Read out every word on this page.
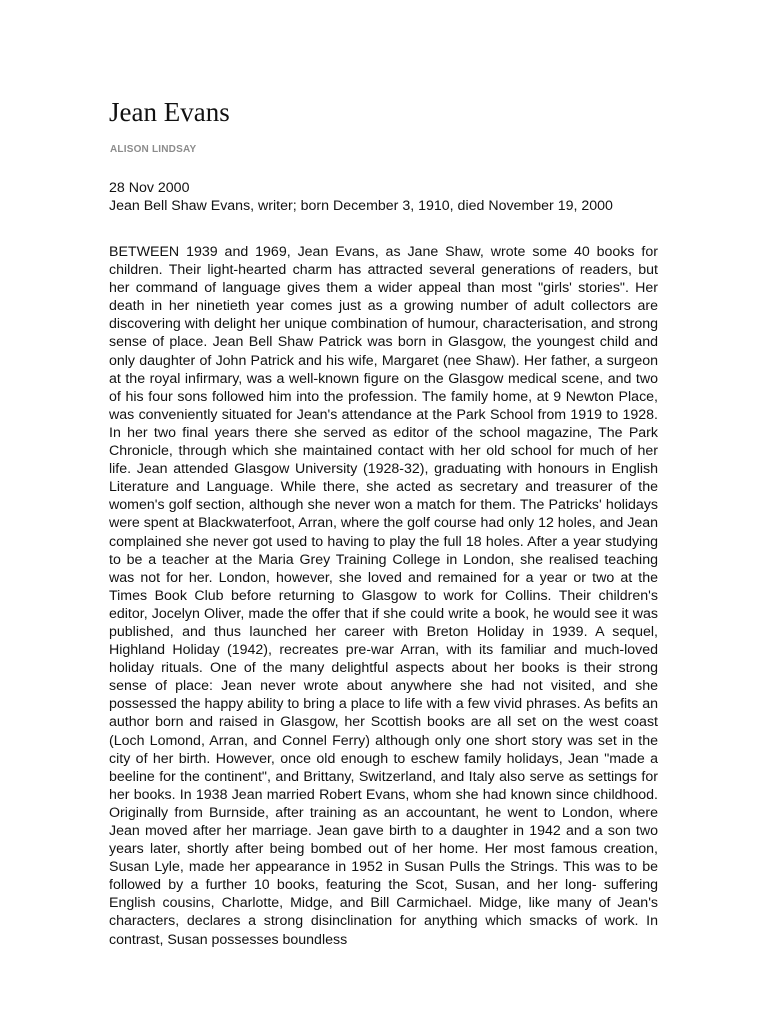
Jean Evans
ALISON LINDSAY

28 Nov 2000

Jean Bell Shaw Evans, writer; born December 3, 1910, died November 19, 2000

BETWEEN 1939 and 1969, Jean Evans, as Jane Shaw, wrote some 40 books for children. Their light-hearted charm has attracted several generations of readers, but her command of language gives them a wider appeal than most "girls' stories". Her death in her ninetieth year comes just as a growing number of adult collectors are discovering with delight her unique combination of humour, characterisation, and strong sense of place. Jean Bell Shaw Patrick was born in Glasgow, the youngest child and only daughter of John Patrick and his wife, Margaret (nee Shaw). Her father, a surgeon at the royal infirmary, was a well-known figure on the Glasgow medical scene, and two of his four sons followed him into the profession. The family home, at 9 Newton Place, was conveniently situated for Jean's attendance at the Park School from 1919 to 1928. In her two final years there she served as editor of the school magazine, The Park Chronicle, through which she maintained contact with her old school for much of her life. Jean attended Glasgow University (1928-32), graduating with honours in English Literature and Language. While there, she acted as secretary and treasurer of the women's golf section, although she never won a match for them. The Patricks' holidays were spent at Blackwaterfoot, Arran, where the golf course had only 12 holes, and Jean complained she never got used to having to play the full 18 holes. After a year studying to be a teacher at the Maria Grey Training College in London, she realised teaching was not for her. London, however, she loved and remained for a year or two at the Times Book Club before returning to Glasgow to work for Collins. Their children's editor, Jocelyn Oliver, made the offer that if she could write a book, he would see it was published, and thus launched her career with Breton Holiday in 1939. A sequel, Highland Holiday (1942), recreates pre-war Arran, with its familiar and much-loved holiday rituals. One of the many delightful aspects about her books is their strong sense of place: Jean never wrote about anywhere she had not visited, and she possessed the happy ability to bring a place to life with a few vivid phrases. As befits an author born and raised in Glasgow, her Scottish books are all set on the west coast (Loch Lomond, Arran, and Connel Ferry) although only one short story was set in the city of her birth. However, once old enough to eschew family holidays, Jean "made a beeline for the continent", and Brittany, Switzerland, and Italy also serve as settings for her books. In 1938 Jean married Robert Evans, whom she had known since childhood. Originally from Burnside, after training as an accountant, he went to London, where Jean moved after her marriage. Jean gave birth to a daughter in 1942 and a son two years later, shortly after being bombed out of her home. Her most famous creation, Susan Lyle, made her appearance in 1952 in Susan Pulls the Strings. This was to be followed by a further 10 books, featuring the Scot, Susan, and her long- suffering English cousins, Charlotte, Midge, and Bill Carmichael. Midge, like many of Jean's characters, declares a strong disinclination for anything which smacks of work. In contrast, Susan possesses boundless
